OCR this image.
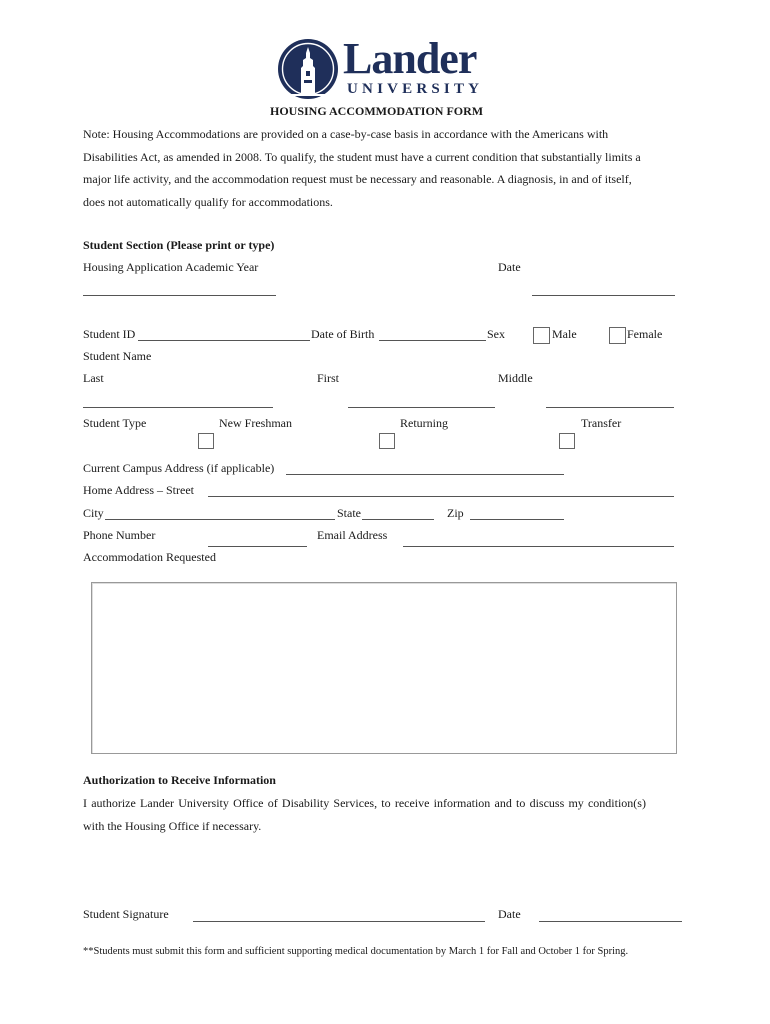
Lander
UNIVERSITY
HOUSING ACCOMMODATION FORM
Note: Housing Accommodations are provided on a case-by-case basis in accordance with the Americans with
Disabilities Act, as amended in 2008. To qualify, the student must have a current condition that substantially limits a
major life activity, and the accommodation request must be necessary and reasonable. A diagnosis, in and of itself,
does not automatically qualify for accommodations.
Student Section (Please print or type)
Housing Application Academic Year	Date
Student ID	Date of Birth	Sex	Male	Female
Student Name
Last	First	Middle
Student Type	New Freshman	Returning	Transfer
Current Campus Address (if applicable)
Home Address – Street
City	State	Zip
Phone Number	Email Address
Accommodation Requested
Authorization to Receive Information
I authorize Lander University Office of Disability Services, to receive information and to discuss my condition(s)
with the Housing Office if necessary.
Student Signature	Date
**Students must submit this form and sufficient supporting medical documentation by March 1 for Fall and October 1 for Spring.
